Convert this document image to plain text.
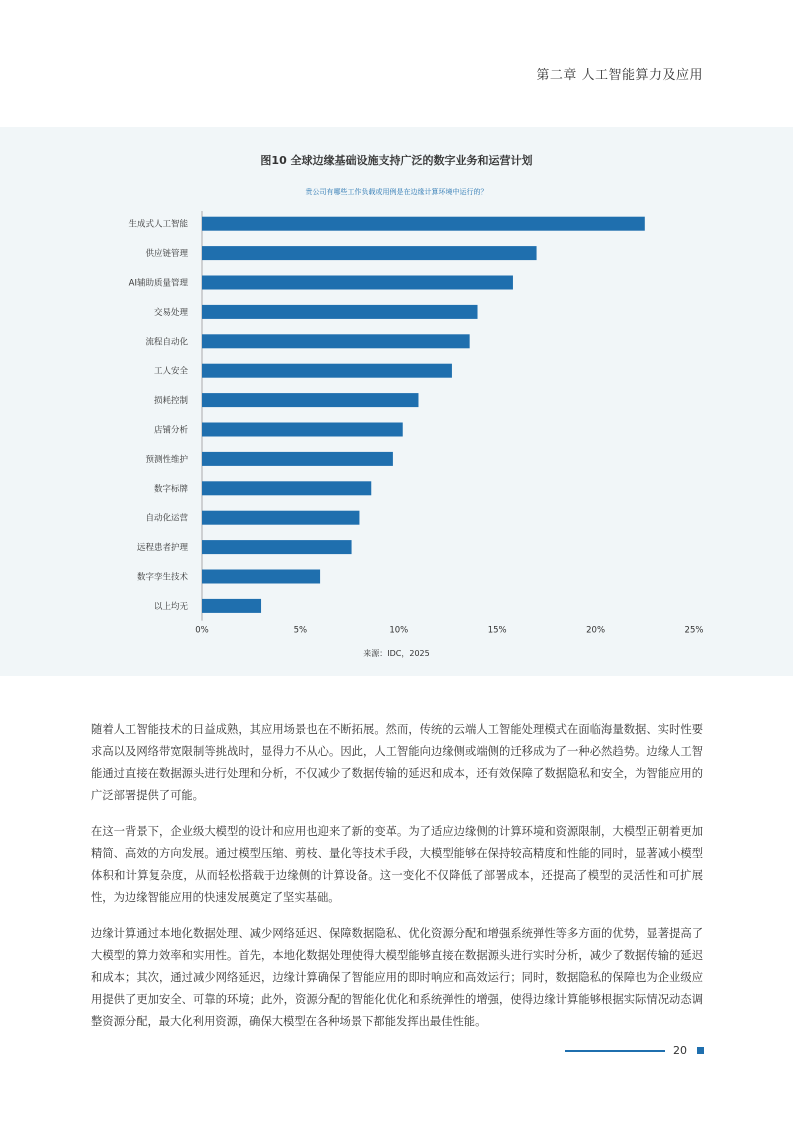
第二章 人工智能算力及应用
图10 全球边缘基础设施支持广泛的数字业务和运营计划
贵公司有哪些工作负载或用例是在边缘计算环境中运行的？
生成式人工智能
供应链管理
AI辅助质量管理
交易处理
流程自动化
工人安全
损耗控制
店铺分析
预测性维护
数字标牌
自动化运营
远程患者护理
数字孪生技术
以上均无
0%	5%	10%	15%	20%	25%
来源：IDC，2025

随着人工智能技术的日益成熟，其应用场景也在不断拓展。然而，传统的云端人工智能处理模式在面临海量数据、实时性要求高以及网络带宽限制等挑战时，显得力不从心。因此，人工智能向边缘侧或端侧的迁移成为了一种必然趋势。边缘人工智能通过直接在数据源头进行处理和分析，不仅减少了数据传输的延迟和成本，还有效保障了数据隐私和安全，为智能应用的广泛部署提供了可能。

在这一背景下，企业级大模型的设计和应用也迎来了新的变革。为了适应边缘侧的计算环境和资源限制，大模型正朝着更加精简、高效的方向发展。通过模型压缩、剪枝、量化等技术手段，大模型能够在保持较高精度和性能的同时，显著减小模型体积和计算复杂度，从而轻松搭载于边缘侧的计算设备。这一变化不仅降低了部署成本，还提高了模型的灵活性和可扩展性，为边缘智能应用的快速发展奠定了坚实基础。

边缘计算通过本地化数据处理、减少网络延迟、保障数据隐私、优化资源分配和增强系统弹性等多方面的优势，显著提高了大模型的算力效率和实用性。首先，本地化数据处理使得大模型能够直接在数据源头进行实时分析，减少了数据传输的延迟和成本；其次，通过减少网络延迟，边缘计算确保了智能应用的即时响应和高效运行；同时，数据隐私的保障也为企业级应用提供了更加安全、可靠的环境；此外，资源分配的智能化优化和系统弹性的增强，使得边缘计算能够根据实际情况动态调整资源分配，最大化利用资源，确保大模型在各种场景下都能发挥出最佳性能。

20
